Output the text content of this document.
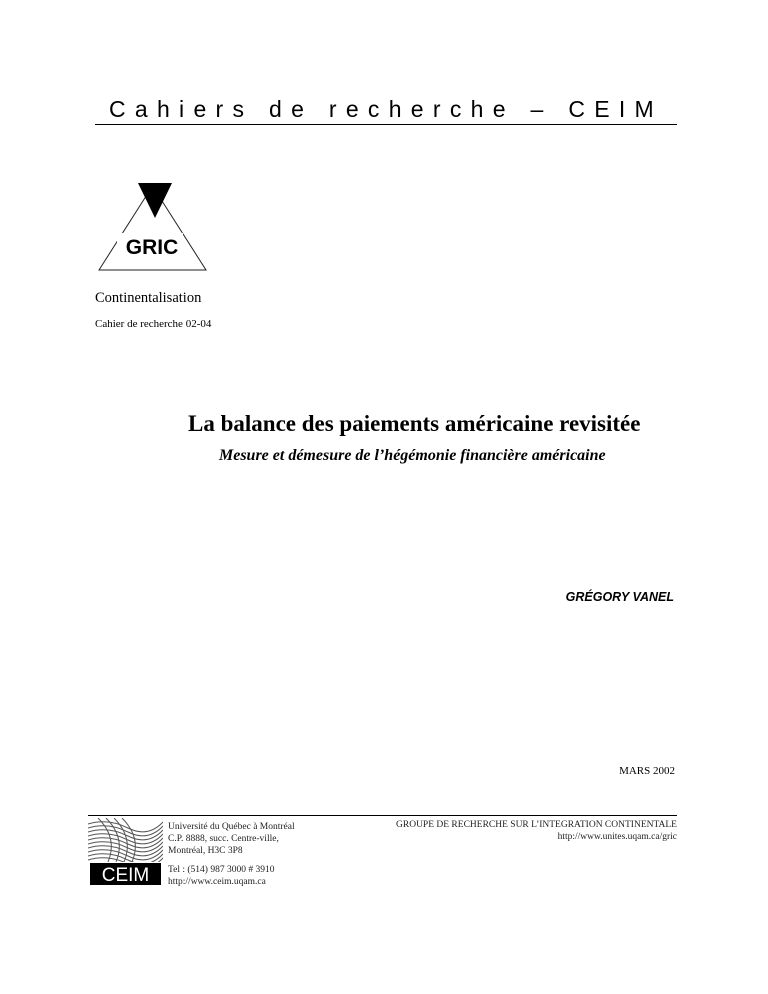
Cahiers de recherche – CEIM
GRIC
Continentalisation
Cahier de recherche 02-04
La balance des paiements américaine revisitée
Mesure et démesure de l’hégémonie financière américaine
GRÉGORY VANEL
MARS 2002
CEIM
Université du Québec à Montréal
C.P. 8888, succ. Centre-ville,
Montréal, H3C 3P8
Tel : (514) 987 3000 # 3910
http://www.ceim.uqam.ca
GROUPE DE RECHERCHE SUR L’INTEGRATION CONTINENTALE
http://www.unites.uqam.ca/gric
